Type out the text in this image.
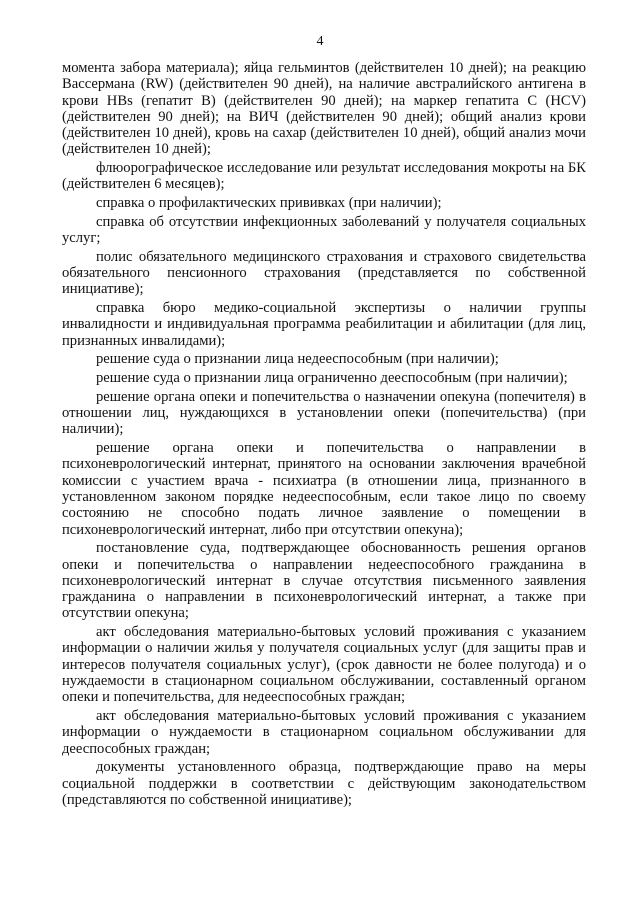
4

момента забора материала); яйца гельминтов (действителен 10 дней); на реакцию Вассермана (RW) (действителен 90 дней), на наличие австралийского антигена в крови HBs (гепатит В) (действителен 90 дней); на маркер гепатита С (HCV) (действителен 90 дней); на ВИЧ (действителен 90 дней); общий анализ крови (действителен 10 дней), кровь на сахар (действителен 10 дней), общий анализ мочи (действителен 10 дней);

флюорографическое исследование или результат исследования мокроты на БК (действителен 6 месяцев);

справка о профилактических прививках (при наличии);

справка об отсутствии инфекционных заболеваний у получателя социальных услуг;

полис обязательного медицинского страхования и страхового свидетельства обязательного пенсионного страхования (представляется по собственной инициативе);

справка бюро медико-социальной экспертизы о наличии группы инвалидности и индивидуальная программа реабилитации и абилитации (для лиц, признанных инвалидами);

решение суда о признании лица недееспособным (при наличии);

решение суда о признании лица ограниченно дееспособным (при наличии);

решение органа опеки и попечительства о назначении опекуна (попечителя) в отношении лиц, нуждающихся в установлении опеки (попечительства) (при наличии);

решение органа опеки и попечительства о направлении в психоневрологический интернат, принятого на основании заключения врачебной комиссии с участием врача - психиатра (в отношении лица, признанного в установленном законом порядке недееспособным, если такое лицо по своему состоянию не способно подать личное заявление о помещении в психоневрологический интернат, либо при отсутствии опекуна);

постановление суда, подтверждающее обоснованность решения органов опеки и попечительства о направлении недееспособного гражданина в психоневрологический интернат в случае отсутствия письменного заявления гражданина о направлении в психоневрологический интернат, а также при отсутствии опекуна;

акт обследования материально-бытовых условий проживания с указанием информации о наличии жилья у получателя социальных услуг (для защиты прав и интересов получателя социальных услуг), (срок давности не более полугода) и о нуждаемости в стационарном социальном обслуживании, составленный органом опеки и попечительства, для недееспособных граждан;

акт обследования материально-бытовых условий проживания с указанием информации о нуждаемости в стационарном социальном обслуживании для дееспособных граждан;

документы установленного образца, подтверждающие право на меры социальной поддержки в соответствии с действующим законодательством (представляются по собственной инициативе);
